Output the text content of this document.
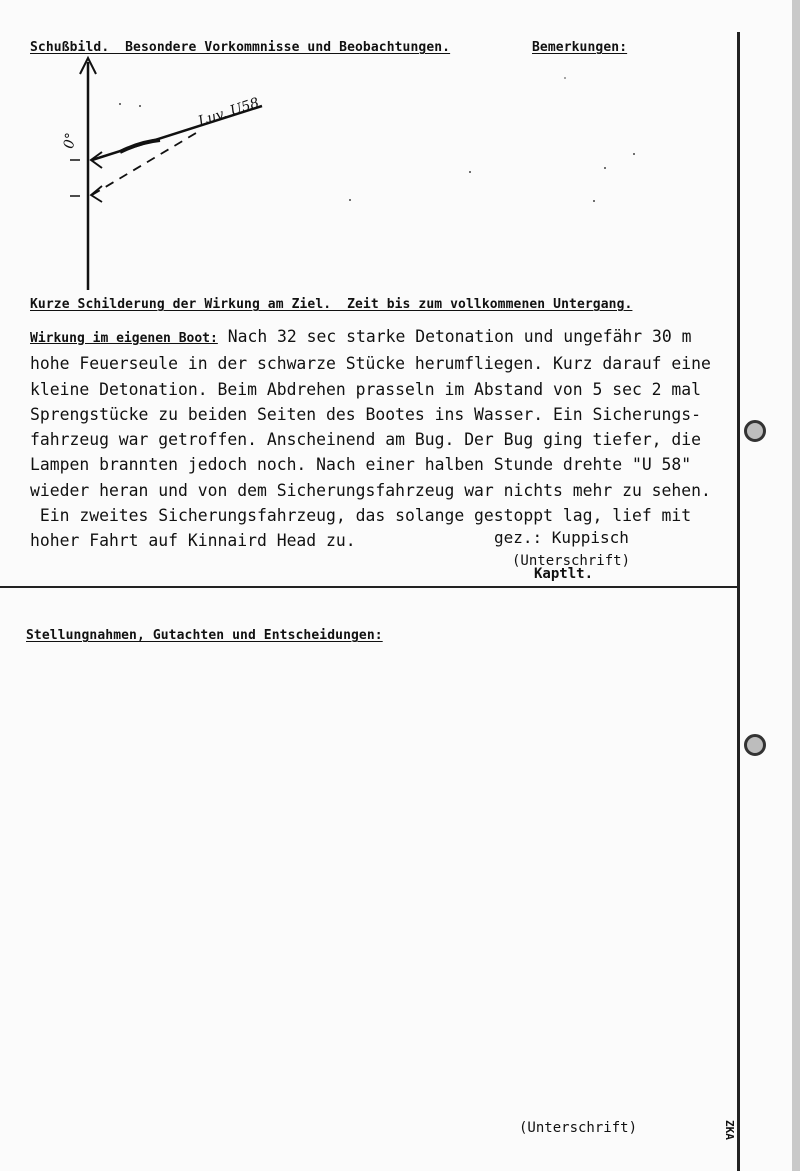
Schußbild.  Besondere Vorkommnisse und Beobachtungen.	Bemerkungen:
0°
Luv. U58
Kurze Schilderung der Wirkung am Ziel.  Zeit bis zum vollkommenen Untergang.
Wirkung im eigenen Boot: Nach 32 sec starke Detonation und ungefähr 30 m
hohe Feuerseule in der schwarze Stücke herumfliegen. Kurz darauf eine
kleine Detonation. Beim Abdrehen prasseln im Abstand von 5 sec 2 mal
Sprengstücke zu beiden Seiten des Bootes ins Wasser. Ein Sicherungs-
fahrzeug war getroffen. Anscheinend am Bug. Der Bug ging tiefer, die
Lampen brannten jedoch noch. Nach einer halben Stunde drehte "U 58"
wieder heran und von dem Sicherungsfahrzeug war nichts mehr zu sehen.
Ein zweites Sicherungsfahrzeug, das solange gestoppt lag, lief mit
hoher Fahrt auf Kinnaird Head zu.	gez.: Kuppisch
(Unterschrift)
Kaptlt.
Stellungnahmen, Gutachten und Entscheidungen:
(Unterschrift)	ZKA
